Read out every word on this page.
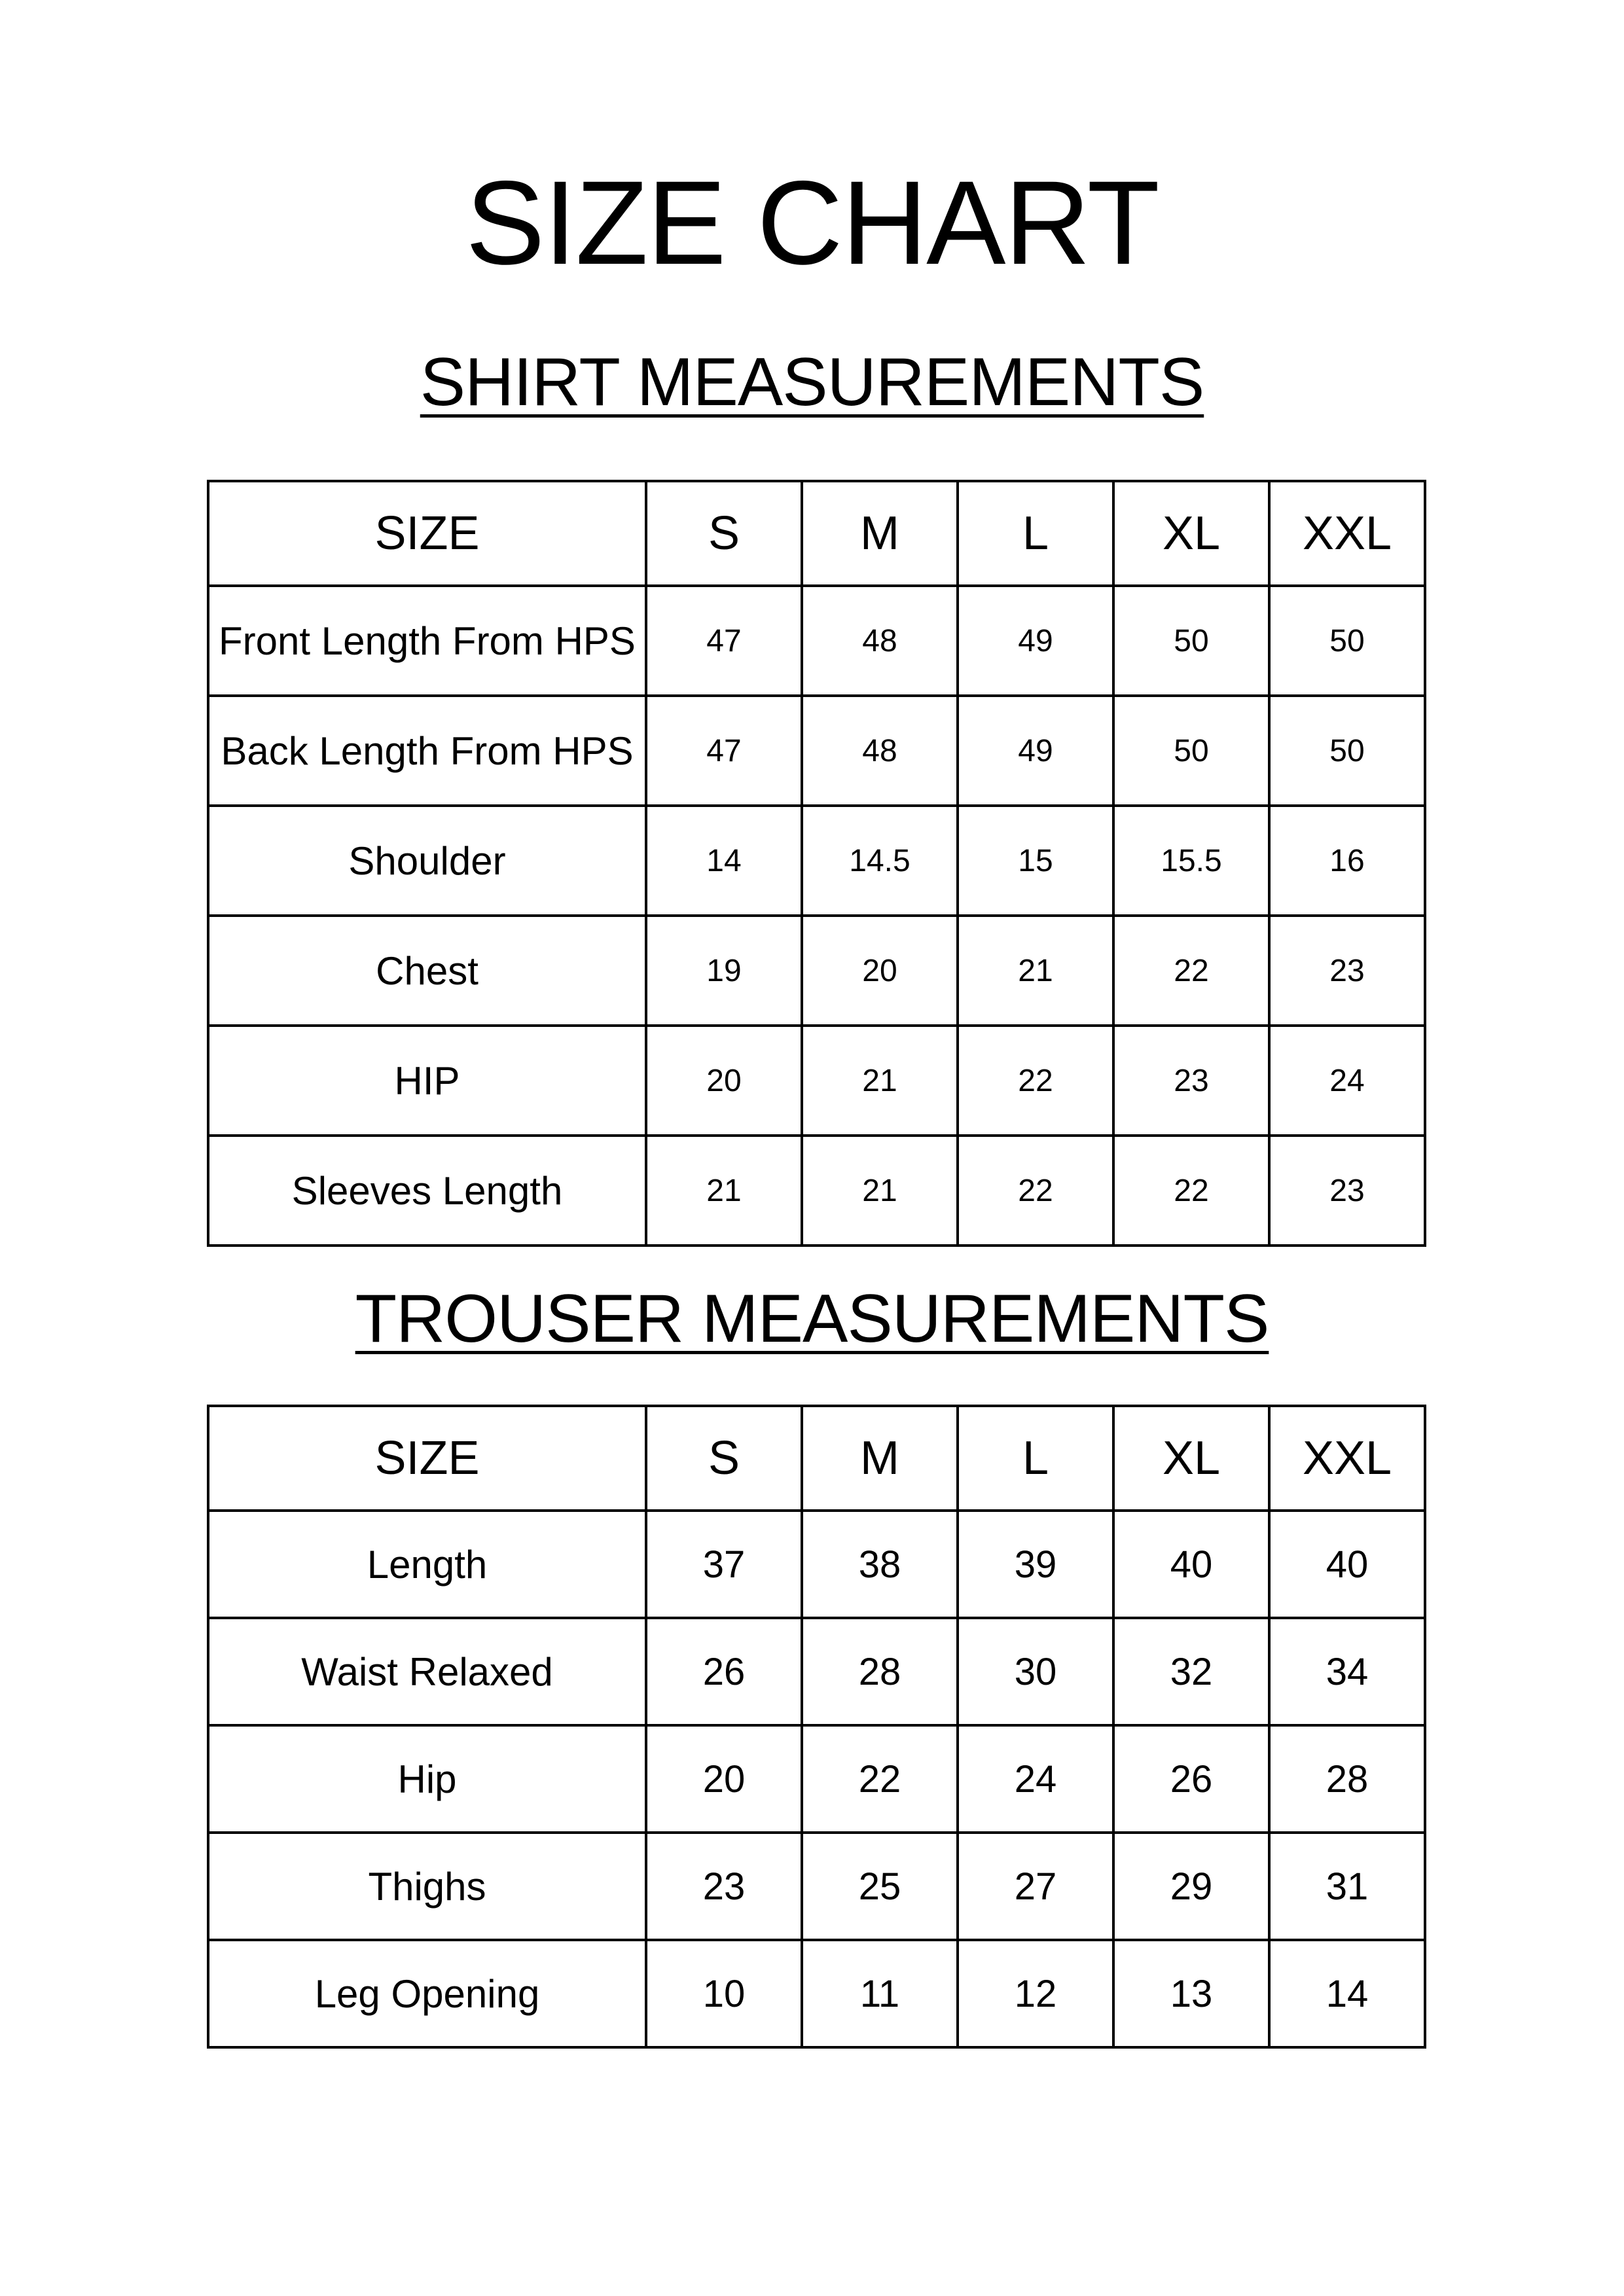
SIZE CHART
SHIRT MEASUREMENTS
SIZE	S	M	L	XL	XXL
Front Length From HPS	47	48	49	50	50
Back Length From HPS	47	48	49	50	50
Shoulder	14	14.5	15	15.5	16
Chest	19	20	21	22	23
HIP	20	21	22	23	24
Sleeves Length	21	21	22	22	23
TROUSER MEASUREMENTS
SIZE	S	M	L	XL	XXL
Length	37	38	39	40	40
Waist Relaxed	26	28	30	32	34
Hip	20	22	24	26	28
Thighs	23	25	27	29	31
Leg Opening	10	11	12	13	14
